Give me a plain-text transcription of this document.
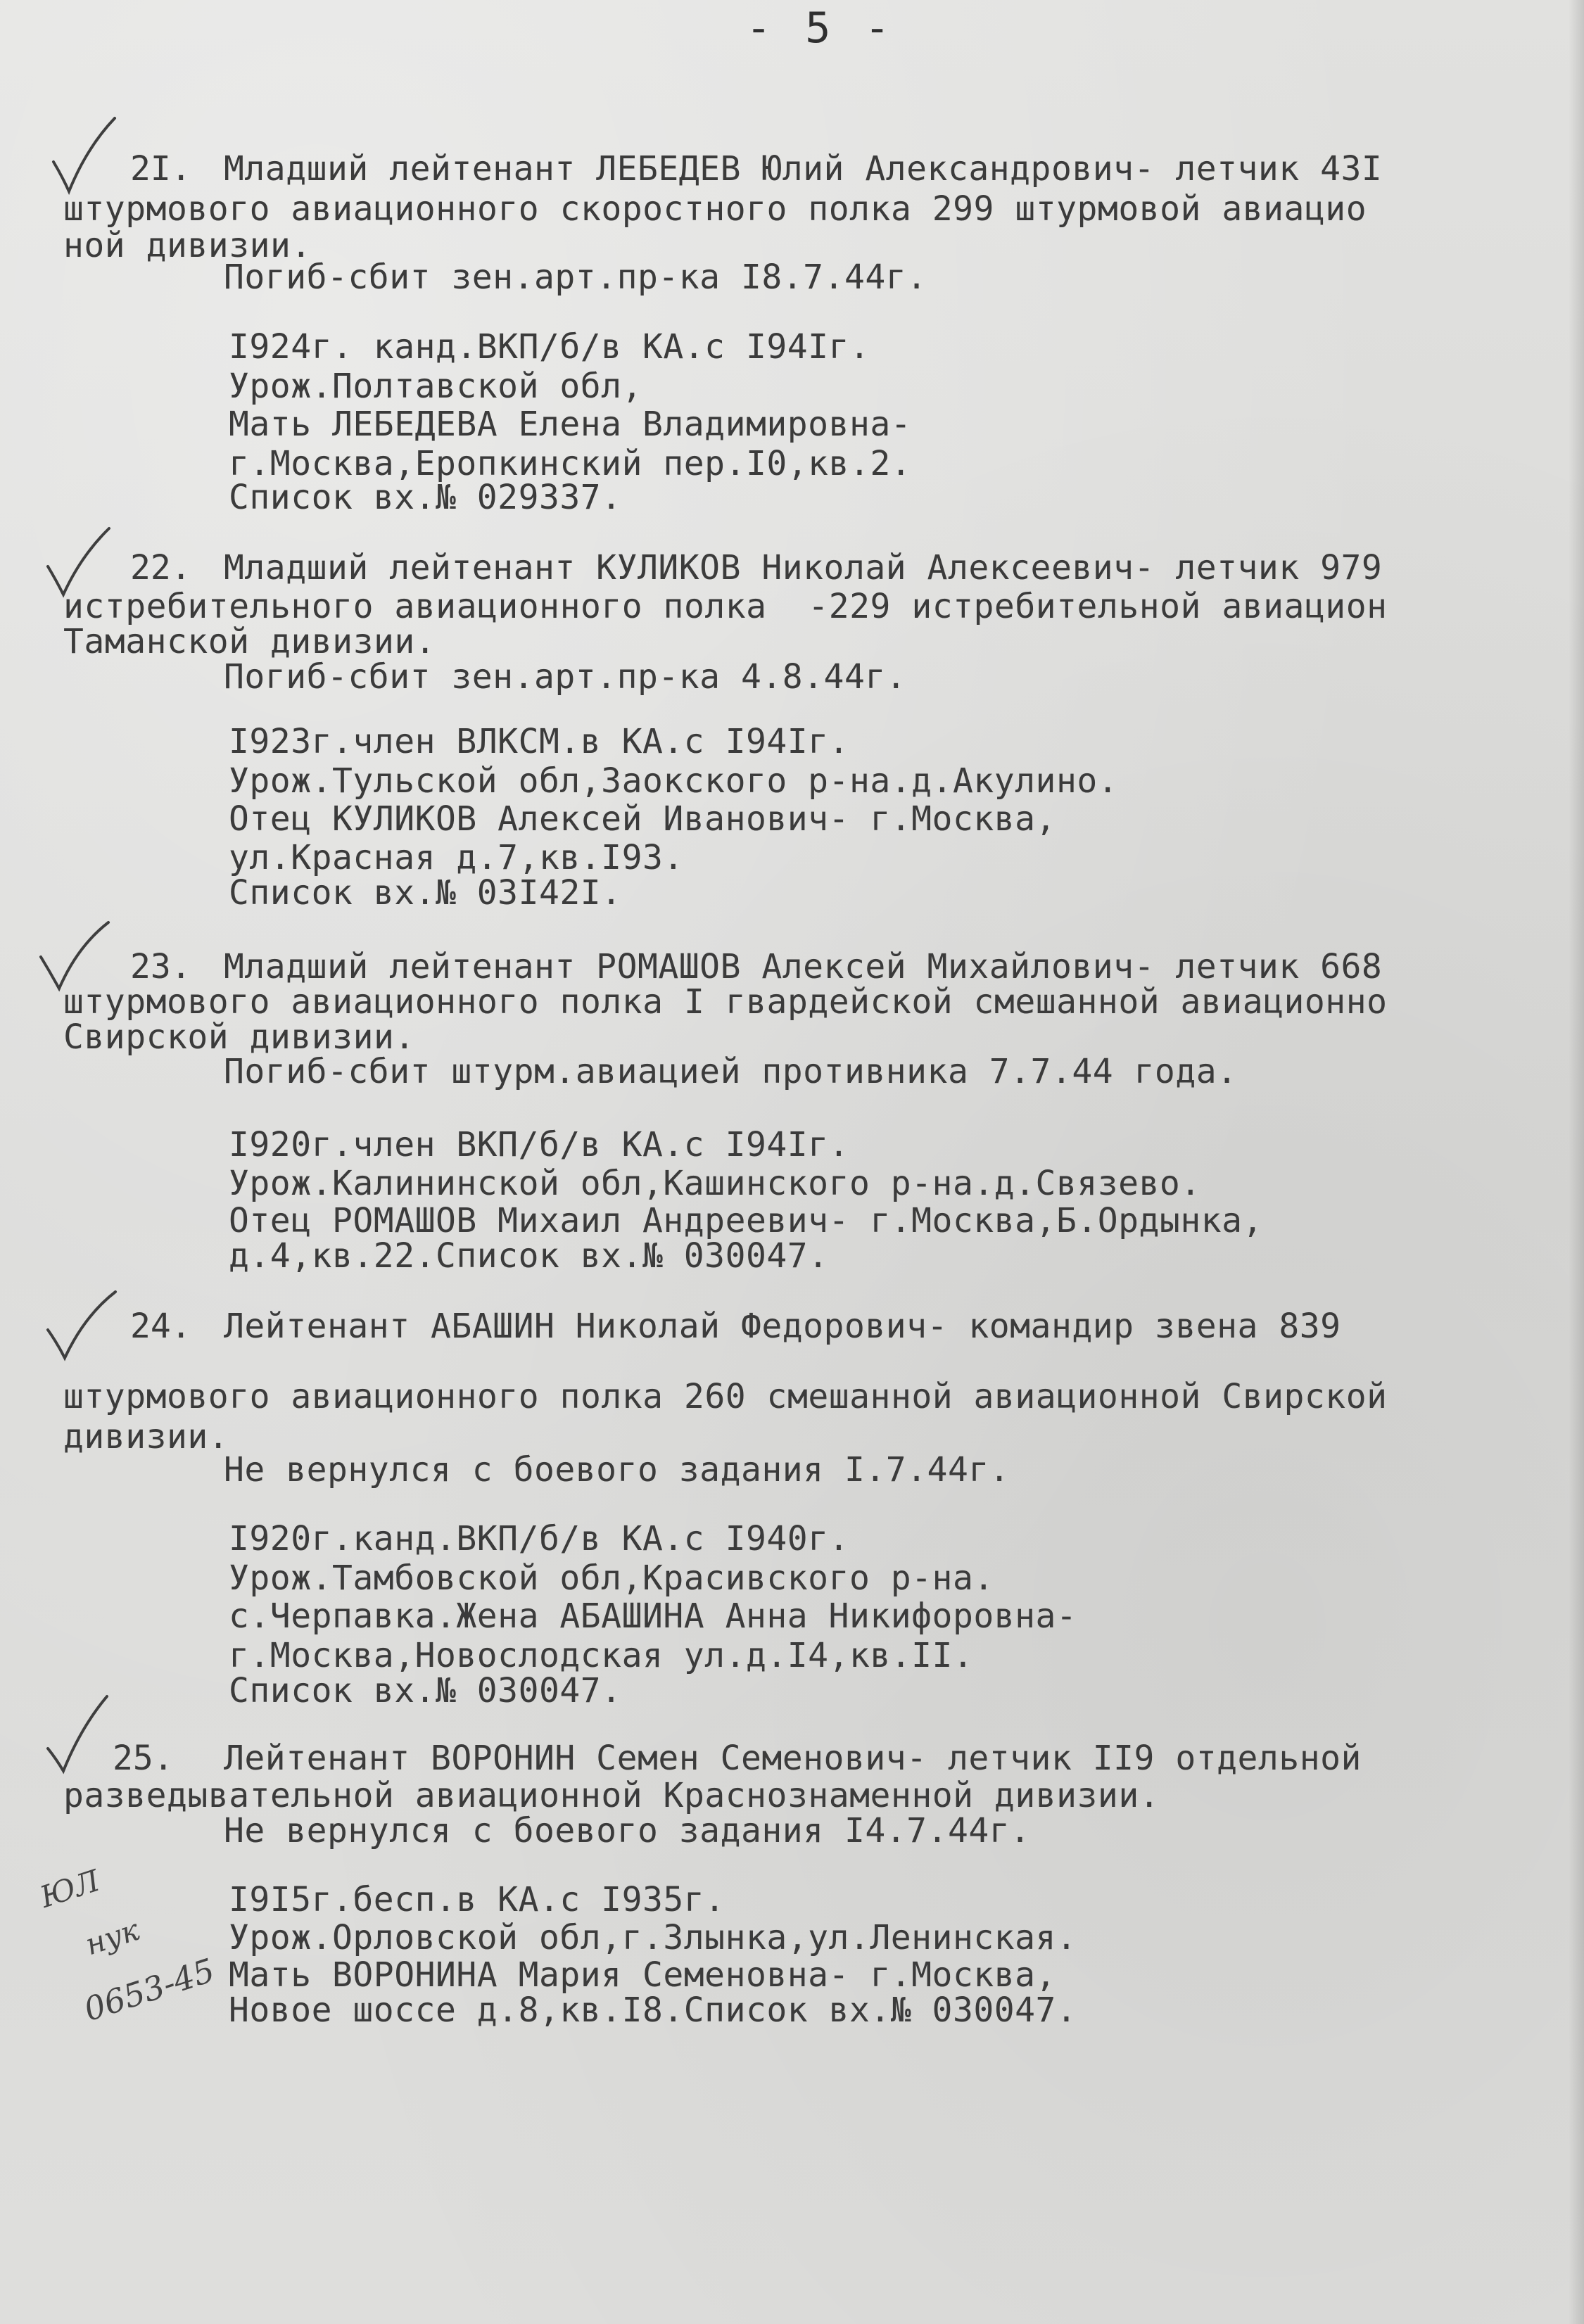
- 5 -
2I. Младший лейтенант ЛЕБЕДЕВ Юлий Александрович- летчик 43I
штурмового авиационного скоростного полка 299 штурмовой авиацио
ной дивизии.
Погиб-сбит зен.арт.пр-ка I8.7.44г.
I924г. канд.ВКП/б/в КА.с I94Iг.
Урож.Полтавской обл,
Мать ЛЕБЕДЕВА Елена Владимировна-
г.Москва,Еропкинский пер.I0,кв.2.
Список вх.№ 029337.
22. Младший лейтенант КУЛИКОВ Николай Алексеевич- летчик 979
истребительного авиационного полка  -229 истребительной авиацион
Таманской дивизии.
Погиб-сбит зен.арт.пр-ка 4.8.44г.
I923г.член ВЛКСМ.в КА.с I94Iг.
Урож.Тульской обл,Заокского р-на.д.Акулино.
Отец КУЛИКОВ Алексей Иванович- г.Москва,
ул.Красная д.7,кв.I93.
Список вх.№ 03I42I.
23. Младший лейтенант РОМАШОВ Алексей Михайлович- летчик 668
штурмового авиационного полка I гвардейской смешанной авиационно
Свирской дивизии.
Погиб-сбит штурм.авиацией противника 7.7.44 года.
I920г.член ВКП/б/в КА.с I94Iг.
Урож.Калининской обл,Кашинского р-на.д.Связево.
Отец РОМАШОВ Михаил Андреевич- г.Москва,Б.Ордынка,
д.4,кв.22.Список вх.№ 030047.
24. Лейтенант АБАШИН Николай Федорович- командир звена 839
штурмового авиационного полка 260 смешанной авиационной Свирской
дивизии.
Не вернулся с боевого задания I.7.44г.
I920г.канд.ВКП/б/в КА.с I940г.
Урож.Тамбовской обл,Красивского р-на.
с.Черпавка.Жена АБАШИНА Анна Никифоровна-
г.Москва,Новослодская ул.д.I4,кв.II.
Список вх.№ 030047.
25. Лейтенант ВОРОНИН Семен Семенович- летчик II9 отдельной
разведывательной авиационной Краснознаменной дивизии.
Не вернулся с боевого задания I4.7.44г.
I9I5г.бесп.в КА.с I935г.
Урож.Орловской обл,г.Злынка,ул.Ленинская.
Мать ВОРОНИНА Мария Семеновна- г.Москва,
Новое шоссе д.8,кв.I8.Список вх.№ 030047.

ЮЛ

нук

0653-45
